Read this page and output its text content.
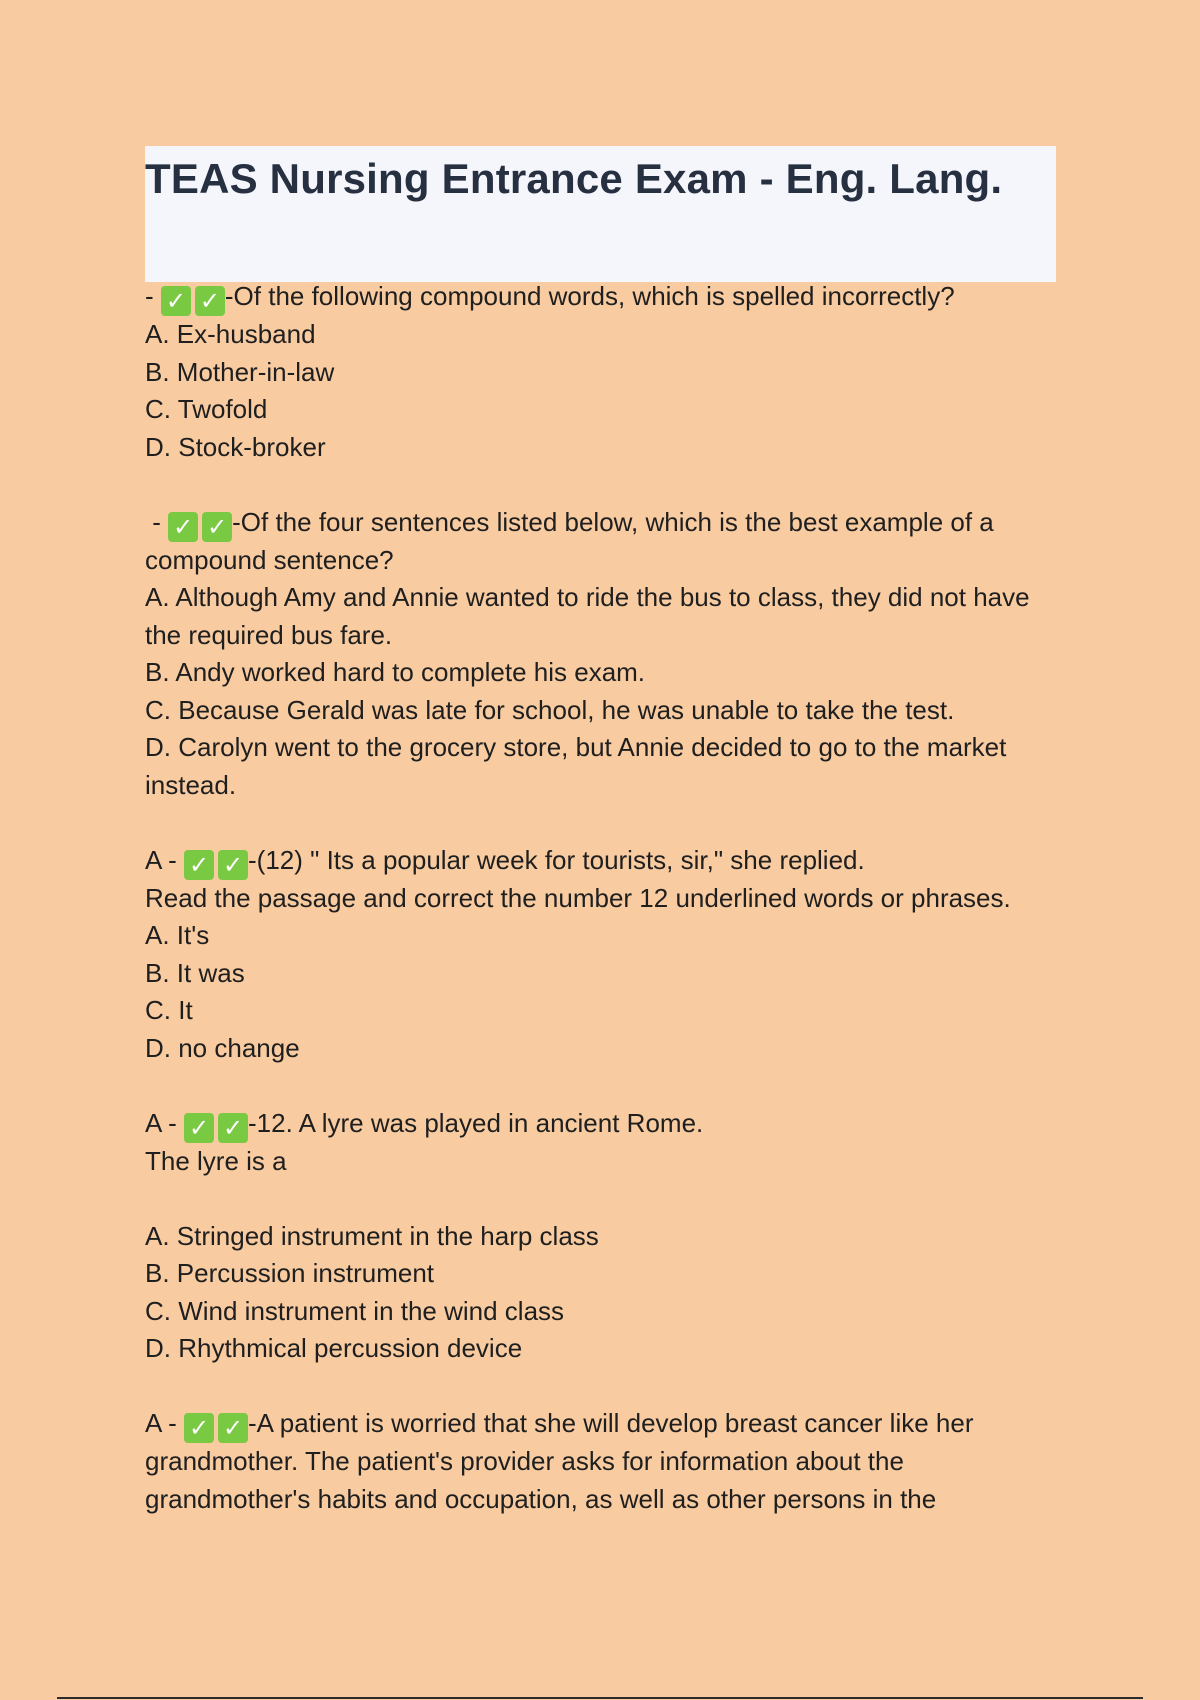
TEAS Nursing Entrance Exam - Eng. Lang.
- ✓ ✓ -Of the following compound words, which is spelled incorrectly?
A. Ex-husband
B. Mother-in-law
C. Twofold
D. Stock-broker
- ✓ ✓ -Of the four sentences listed below, which is the best example of a compound sentence?
A. Although Amy and Annie wanted to ride the bus to class, they did not have the required bus fare.
B. Andy worked hard to complete his exam.
C. Because Gerald was late for school, he was unable to take the test.
D. Carolyn went to the grocery store, but Annie decided to go to the market instead.
A - ✓ ✓ -(12) " Its a popular week for tourists, sir," she replied.
Read the passage and correct the number 12 underlined words or phrases.
A. It's
B. It was
C. It
D. no change
A - ✓ ✓ -12. A lyre was played in ancient Rome.
The lyre is a
A. Stringed instrument in the harp class
B. Percussion instrument
C. Wind instrument in the wind class
D. Rhythmical percussion device
A - ✓ ✓ -A patient is worried that she will develop breast cancer like her grandmother. The patient's provider asks for information about the grandmother's habits and occupation, as well as other persons in the
